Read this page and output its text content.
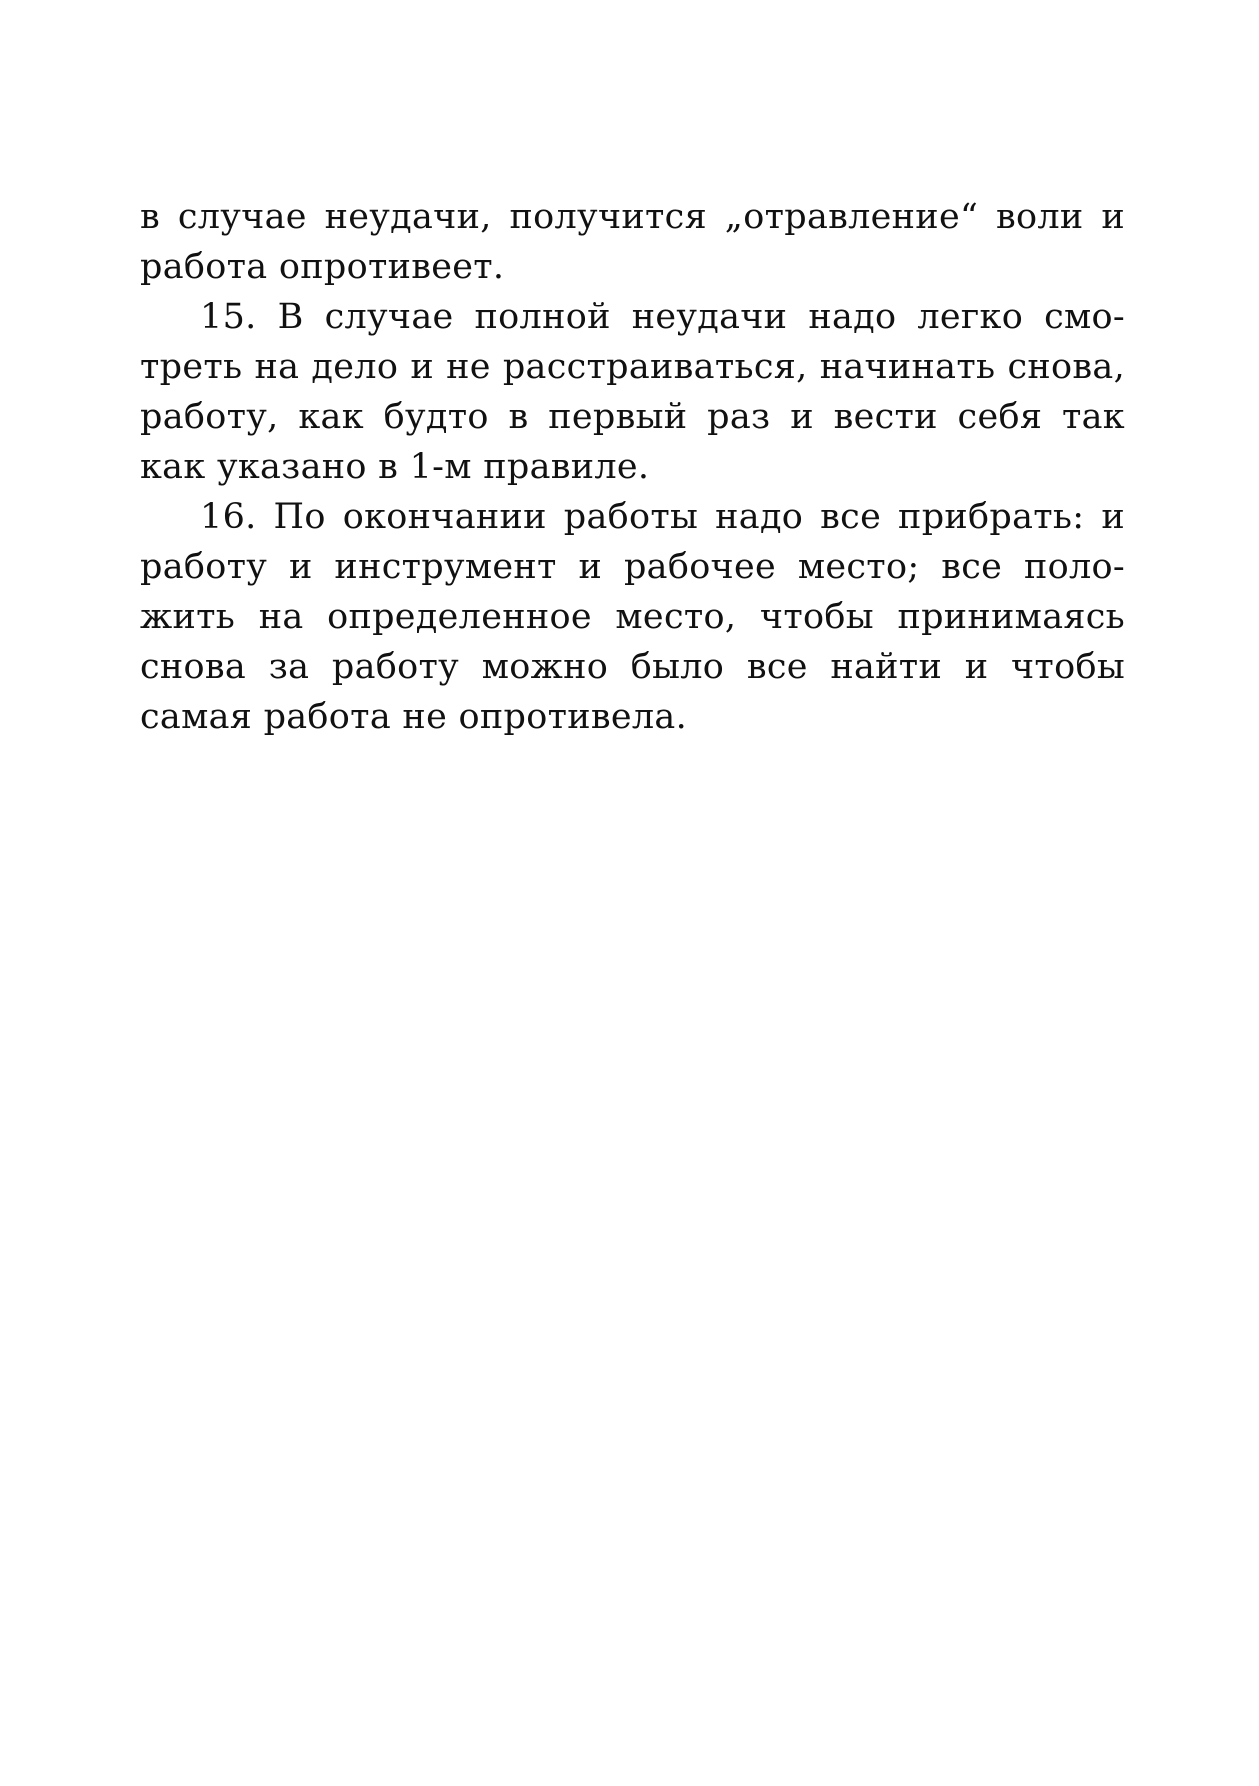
в случае неудачи, получится „отравление“ воли и
работа опротивеет.
15. В случае полной неудачи надо легко смо-
треть на дело и не расстраиваться, начинать снова,
работу, как будто в первый раз и вести себя так
как указано в 1-м правиле.
16. По окончании работы надо все прибрать: и
работу и инструмент и рабочее место; все поло-
жить на определенное место, чтобы принимаясь
снова за работу можно было все найти и чтобы
самая работа не опротивела.
